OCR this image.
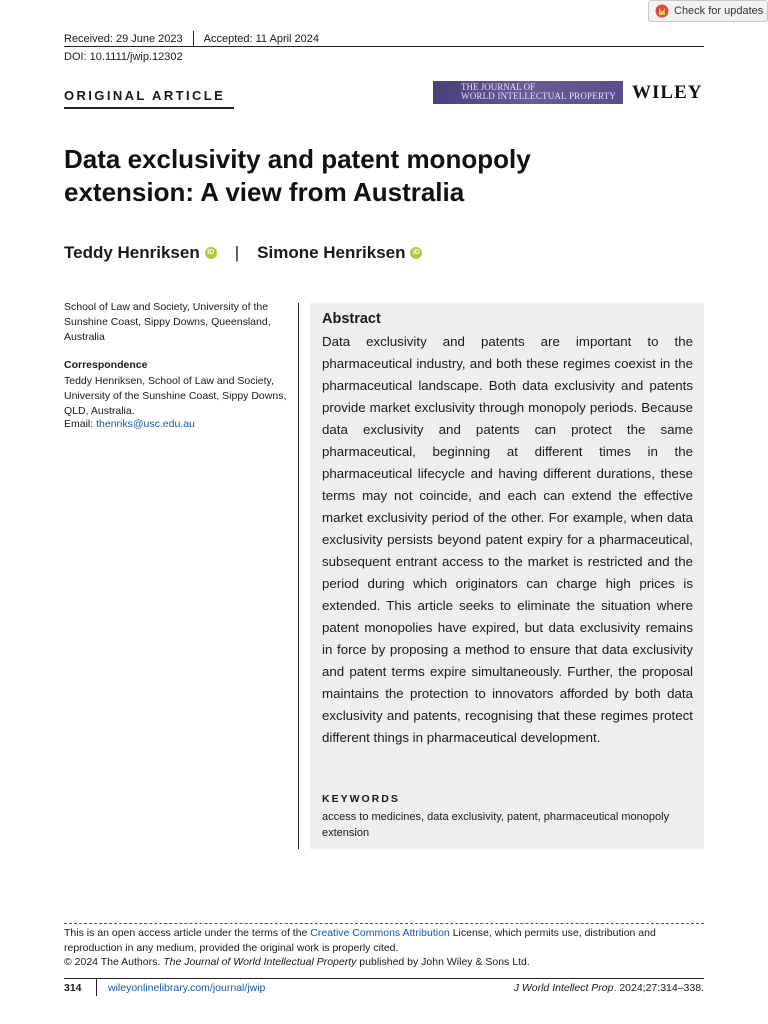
Check for updates
Received: 29 June 2023 Accepted: 11 April 2024
DOI: 10.1111/jwip.12302
ORIGINAL ARTICLE
THE JOURNAL OF
WORLD INTELLECTUAL PROPERTY WILEY
Data exclusivity and patent monopoly extension: A view from Australia
Teddy Henriksen	iD | Simone Henriksen	iD
School of Law and Society, University of the Sunshine Coast, Sippy Downs, Queensland, Australia
Correspondence
Teddy Henriksen, School of Law and Society, University of the Sunshine Coast, Sippy Downs, QLD, Australia.
Email: thenriks@usc.edu.au
Abstract
Data exclusivity and patents are important to the pharmaceutical industry, and both these regimes coexist in the pharmaceutical landscape. Both data exclusivity and patents provide market exclusivity through monopoly periods. Because data exclusivity and patents can protect the same pharmaceutical, beginning at different times in the pharmaceutical lifecycle and having different durations, these terms may not coincide, and each can extend the effective market exclusivity period of the other. For example, when data exclusivity persists beyond patent expiry for a pharmaceutical, subsequent entrant access to the market is restricted and the period during which originators can charge high prices is extended. This article seeks to eliminate the situation where patent monopolies have expired, but data exclusivity remains in force by proposing a method to ensure that data exclusivity and patent terms expire simultaneously. Further, the proposal maintains the protection to innovators afforded by both data exclusivity and patents, recognising that these regimes protect different things in pharmaceutical development.
KEYWORDS
access to medicines, data exclusivity, patent, pharmaceutical monopoly extension
This is an open access article under the terms of the Creative Commons Attribution License, which permits use, distribution and reproduction in any medium, provided the original work is properly cited.
© 2024 The Authors. The Journal of World Intellectual Property published by John Wiley & Sons Ltd.
314	wileyonlinelibrary.com/journal/jwip	J World Intellect Prop. 2024;27:314–338.
